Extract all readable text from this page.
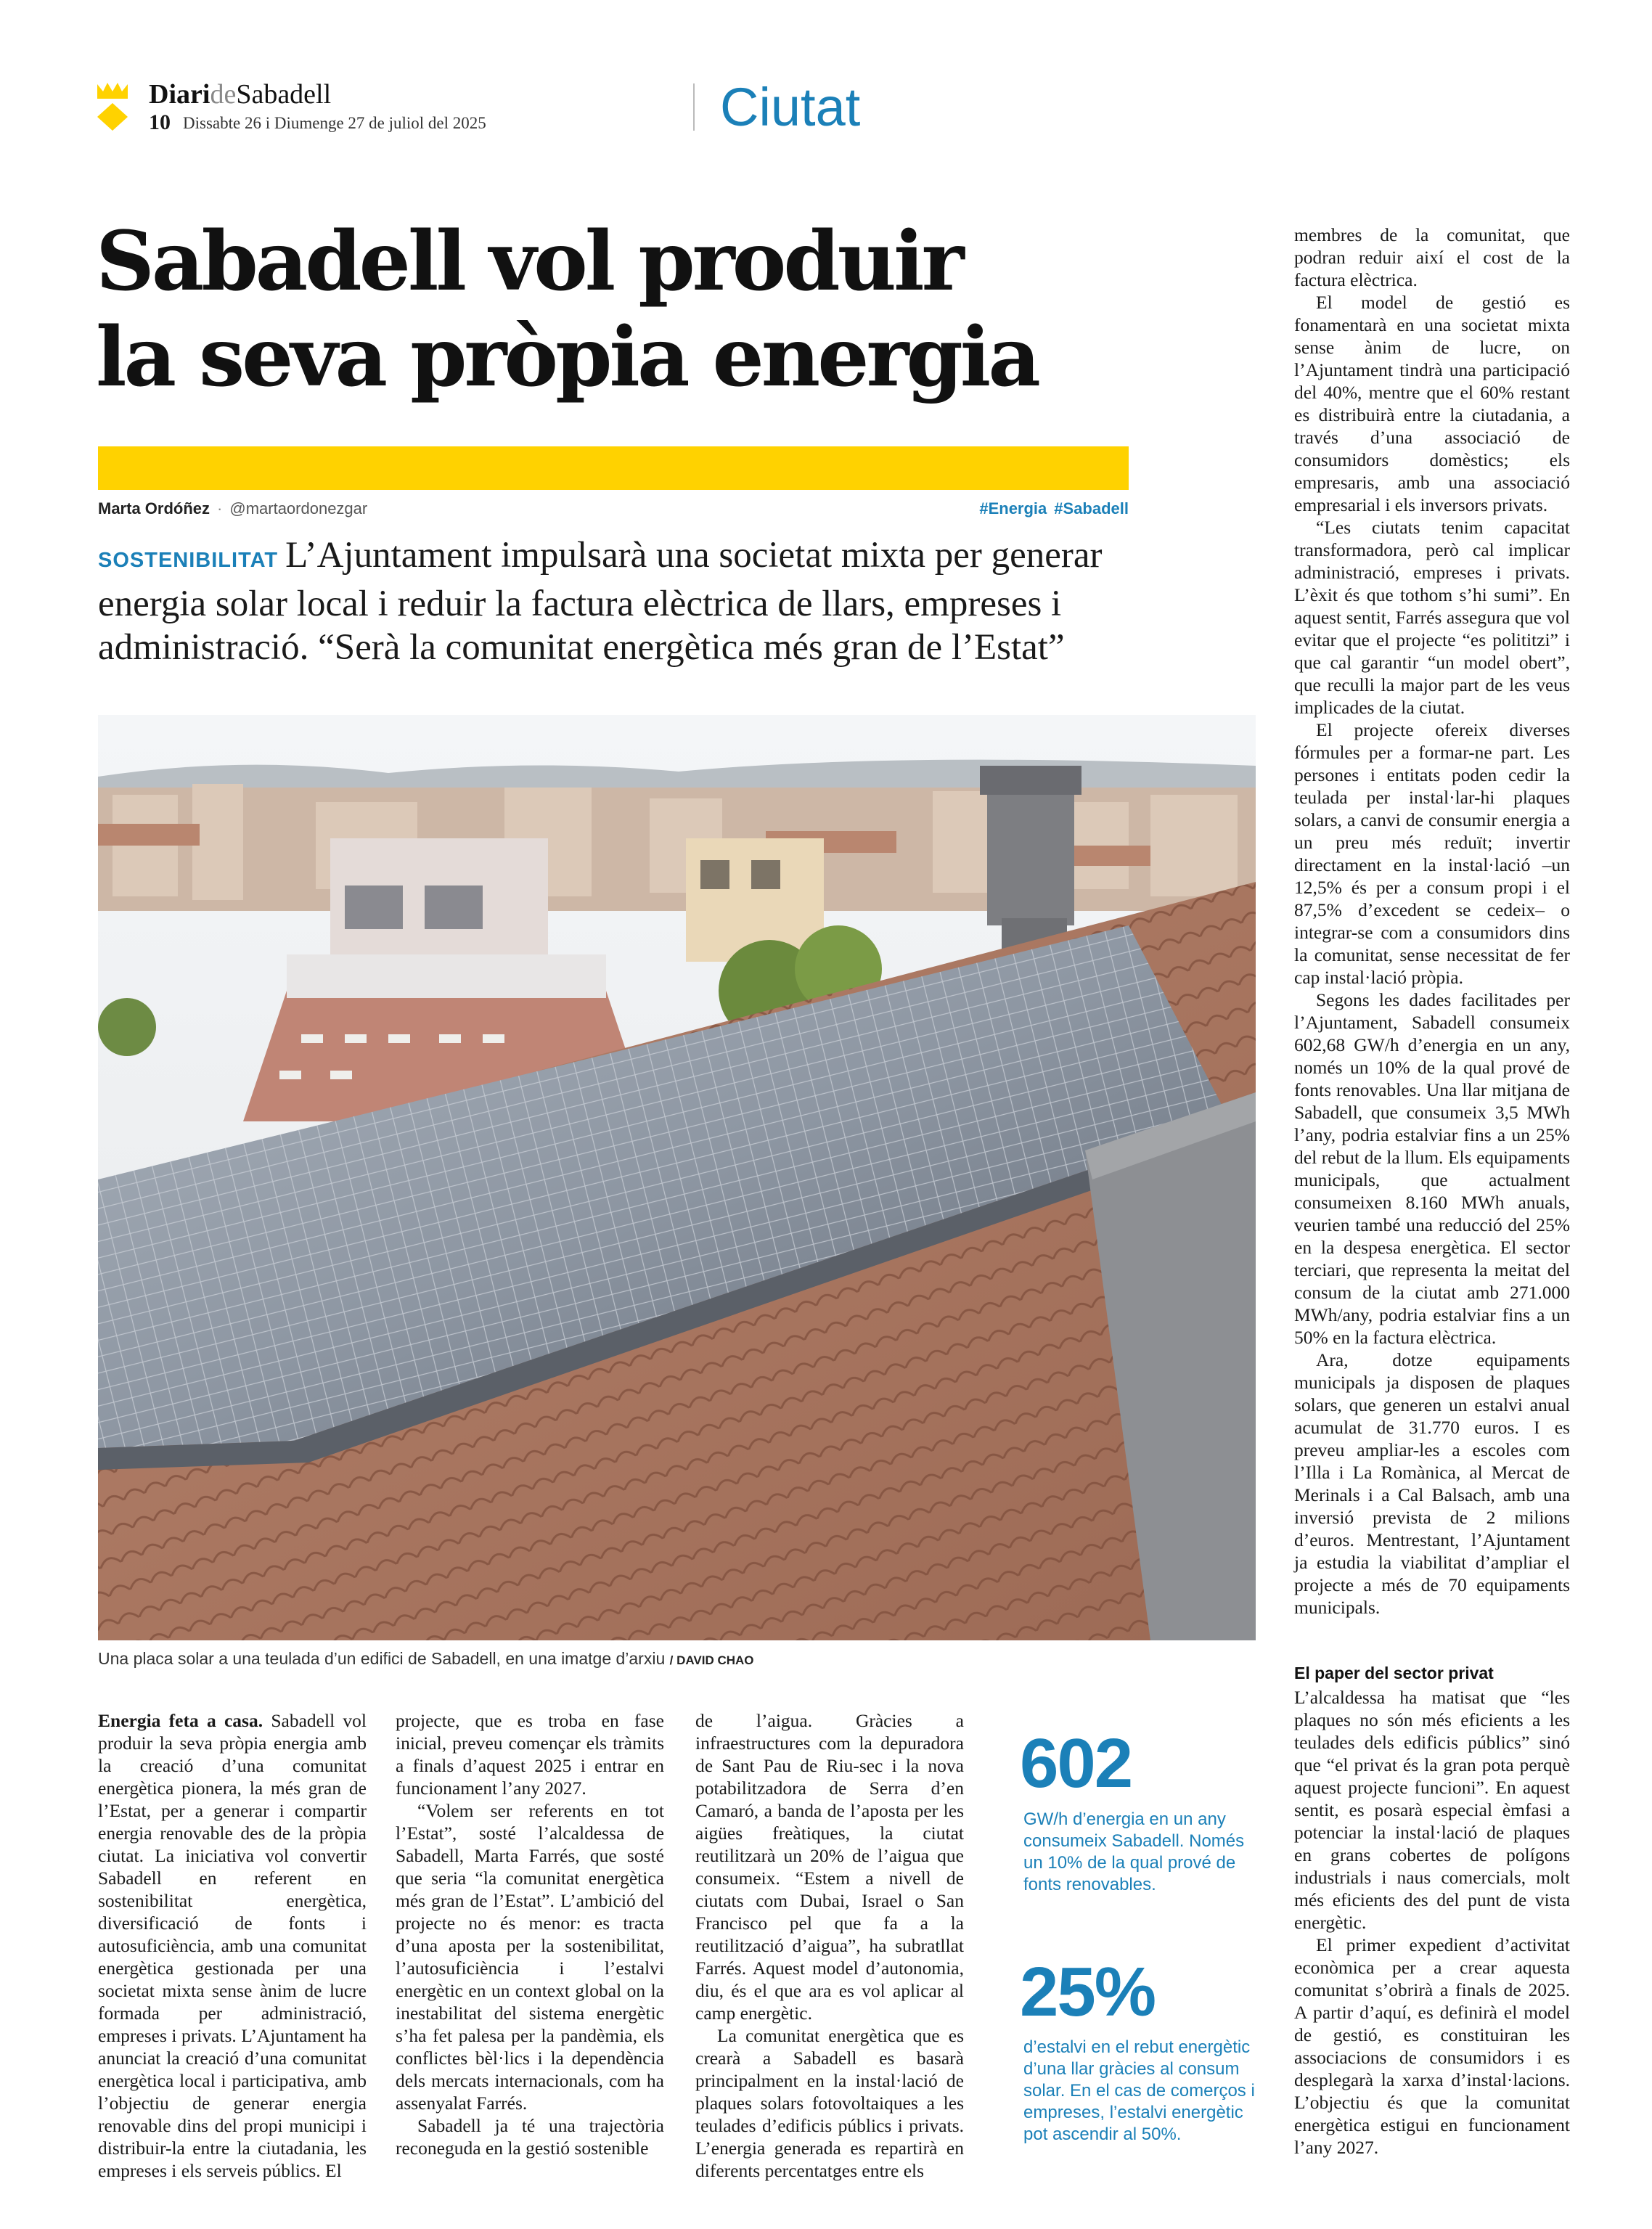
DiarideSabadell
10 Dissabte 26 i Diumenge 27 de juliol del 2025	Ciutat
Sabadell vol produir
la seva pròpia energia
Marta Ordóñez · @martaordonezgar	#Energia #Sabadell
SOSTENIBILITAT L’Ajuntament impulsarà una societat mixta per generar energia solar local i reduir la factura elèctrica de llars, empreses i administració. “Serà la comunitat energètica més gran de l’Estat”
Una placa solar a una teulada d’un edifici de Sabadell, en una imatge d’arxiu / DAVID CHAO

Energia feta a casa. Sabadell vol produir la seva pròpia energia amb la creació d’una comunitat energètica pionera, la més gran de l’Estat, per a generar i compartir energia renovable des de la pròpia ciutat. La iniciativa vol convertir Sabadell en referent en sostenibilitat energètica, diversificació de fonts i autosuficiència, amb una comunitat energètica gestionada per una societat mixta sense ànim de lucre formada per administració, empreses i privats. L’Ajuntament ha anunciat la creació d’una comunitat energètica local i participativa, amb l’objectiu de generar energia renovable dins del propi municipi i distribuir-la entre la ciutadania, les empreses i els serveis públics. El

projecte, que es troba en fase inicial, preveu començar els tràmits a finals d’aquest 2025 i entrar en funcionament l’any 2027.

“Volem ser referents en tot l’Estat”, sosté l’alcaldessa de Sabadell, Marta Farrés, que sosté que seria “la comunitat energètica més gran de l’Estat”. L’ambició del projecte no és menor: es tracta d’una aposta per la sostenibilitat, l’autosuficiència i l’estalvi energètic en un context global on la inestabilitat del sistema energètic s’ha fet palesa per la pandèmia, els conflictes bèl·lics i la dependència dels mercats internacionals, com ha assenyalat Farrés.

Sabadell ja té una trajectòria reconeguda en la gestió sostenible

de l’aigua. Gràcies a infraestructures com la depuradora de Sant Pau de Riu-sec i la nova potabilitzadora de Serra d’en Camaró, a banda de l’aposta per les aigües freàtiques, la ciutat reutilitzarà un 20% de l’aigua que consumeix. “Estem a nivell de ciutats com Dubai, Israel o San Francisco pel que fa a la reutilització d’aigua”, ha subratllat Farrés. Aquest model d’autonomia, diu, és el que ara es vol aplicar al camp energètic.

La comunitat energètica que es crearà a Sabadell es basarà principalment en la instal·lació de plaques solars fotovoltaiques a les teulades d’edificis públics i privats. L’energia generada es repartirà en diferents percentatges entre els

602
GW/h d’energia en un any consumeix Sabadell. Només un 10% de la qual prové de fonts renovables.
25%
d’estalvi en el rebut energètic d’una llar gràcies al consum solar. En el cas de comerços i empreses, l’estalvi energètic pot ascendir al 50%.

membres de la comunitat, que podran reduir així el cost de la factura elèctrica.

El model de gestió es fonamentarà en una societat mixta sense ànim de lucre, on l’Ajuntament tindrà una participació del 40%, mentre que el 60% restant es distribuirà entre la ciutadania, a través d’una associació de consumidors domèstics; els empresaris, amb una associació empresarial i els inversors privats.

“Les ciutats tenim capacitat transformadora, però cal implicar administració, empreses i privats. L’èxit és que tothom s’hi sumi”. En aquest sentit, Farrés assegura que vol evitar que el projecte “es polititzi” i que cal garantir “un model obert”, que reculli la major part de les veus implicades de la ciutat.

El projecte ofereix diverses fórmules per a formar-ne part. Les persones i entitats poden cedir la teulada per instal·lar-hi plaques solars, a canvi de consumir energia a un preu més reduït; invertir directament en la instal·lació –un 12,5% és per a consum propi i el 87,5% d’excedent se cedeix– o integrar-se com a consumidors dins la comunitat, sense necessitat de fer cap instal·lació pròpia.

Segons les dades facilitades per l’Ajuntament, Sabadell consumeix 602,68 GW/h d’energia en un any, només un 10% de la qual prové de fonts renovables. Una llar mitjana de Sabadell, que consumeix 3,5 MWh l’any, podria estalviar fins a un 25% del rebut de la llum. Els equipaments municipals, que actualment consumeixen 8.160 MWh anuals, veurien també una reducció del 25% en la despesa energètica. El sector terciari, que representa la meitat del consum de la ciutat amb 271.000 MWh/any, podria estalviar fins a un 50% en la factura elèctrica.

Ara, dotze equipaments municipals ja disposen de plaques solars, que generen un estalvi anual acumulat de 31.770 euros. I es preveu ampliar-les a escoles com l’Illa i La Romànica, al Mercat de Merinals i a Cal Balsach, amb una inversió prevista de 2 milions d’euros. Mentrestant, l’Ajuntament ja estudia la viabilitat d’ampliar el projecte a més de 70 equipaments municipals.

El paper del sector privat

L’alcaldessa ha matisat que “les plaques no són més eficients a les teulades dels edificis públics” sinó que “el privat és la gran pota perquè aquest projecte funcioni”. En aquest sentit, es posarà especial èmfasi a potenciar la instal·lació de plaques en grans cobertes de polígons industrials i naus comercials, molt més eficients des del punt de vista energètic.

El primer expedient d’activitat econòmica per a crear aquesta comunitat s’obrirà a finals de 2025. A partir d’aquí, es definirà el model de gestió, es constituiran les associacions de consumidors i es desplegarà la xarxa d’instal·lacions. L’objectiu és que la comunitat energètica estigui en funcionament l’any 2027.
